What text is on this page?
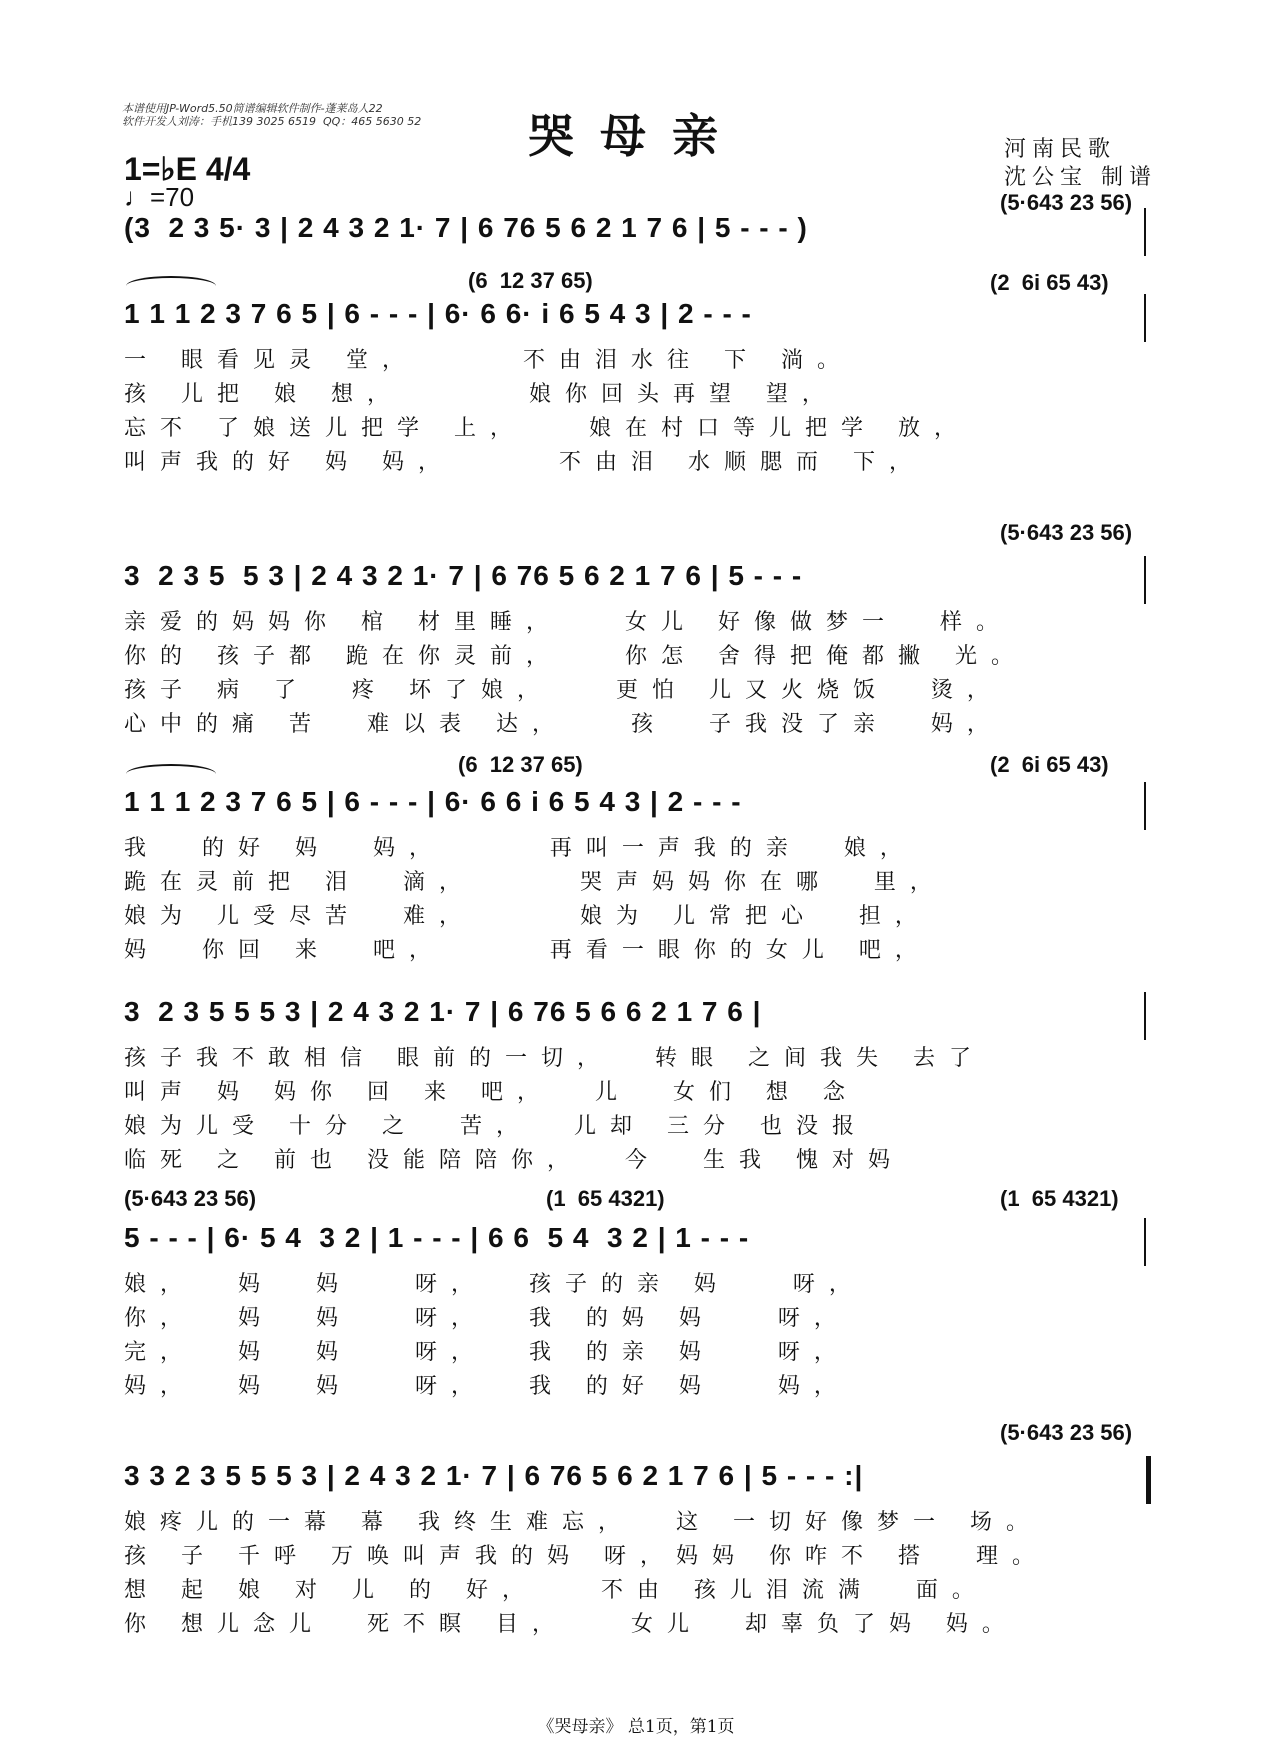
本谱使用JP-Word5.50简谱编辑软件制作-蓬莱岛人22
软件开发人刘涛：手机139 3025 6519  QQ：465 5630 52	哭母亲
1=♭E 4/4
♩=70
河南民歌
沈公宝 制谱
(5·643 23 56)
(3  2 3 5· 3 | 2 4 3 2 1· 7 | 6 76 5 6 2 1 7 6 | 5 - - - )
(6  12 37 65)	(2  6i 65 43)
1 1 1 2 3 7 6 5 | 6 - - - | 6· 6 6· i 6 5 4 3 | 2 - - -
一 眼看见灵 堂，     不由泪水往 下 淌。
孩 儿把 娘 想，      娘你回头再望 望，
忘不 了娘送儿把学 上，   娘在村口等儿把学 放，
叫声我的好 妈 妈，     不由泪 水顺腮而 下，
(5·643 23 56)
3  2 3 5  5 3 | 2 4 3 2 1· 7 | 6 76 5 6 2 1 7 6 | 5 - - -
亲爱的妈妈你 棺 材里睡，   女儿 好像做梦一  样。
你的 孩子都 跪在你灵前，   你怎 舍得把俺都撇 光。
孩子 病 了  疼 坏了娘，   更怕 儿又火烧饭  烫，
心中的痛 苦  难以表 达，   孩  子我没了亲  妈，
(6  12 37 65)	(2  6i 65 43)
1 1 1 2 3 7 6 5 | 6 - - - | 6· 6 6 i 6 5 4 3 | 2 - - -
我  的好 妈  妈，     再叫一声我的亲  娘，
跪在灵前把 泪  滴，     哭声妈妈你在哪  里，
娘为 儿受尽苦  难，     娘为 儿常把心  担，
妈  你回 来  吧，     再看一眼你的女儿 吧，
3  2 3 5 5 5 3 | 2 4 3 2 1· 7 | 6 76 5 6 6 2 1 7 6 |
孩子我不敢相信 眼前的一切，  转眼 之间我失 去了
叫声 妈 妈你 回 来 吧，  儿  女们 想 念
娘为儿受 十分 之  苦，  儿却 三分 也没报
临死 之 前也 没能陪陪你，  今  生我 愧对妈
(5·643 23 56)	(1  65 4321)	(1  65 4321)
5 - - - | 6· 5 4  3 2 | 1 - - - | 6 6  5 4  3 2 | 1 - - -
娘，  妈  妈   呀，  孩子的亲 妈   呀，
你，  妈  妈   呀，  我 的妈 妈   呀，
完，  妈  妈   呀，  我 的亲 妈   呀，
妈，  妈  妈   呀，  我 的好 妈   妈，
(5·643 23 56)
3 3 2 3 5 5 5 3 | 2 4 3 2 1· 7 | 6 76 5 6 2 1 7 6 | 5 - - - :|
娘疼儿的一幕 幕 我终生难忘，  这 一切好像梦一 场。
孩 子 千呼 万唤叫声我的妈 呀，妈妈 你咋不 搭  理。
想 起 娘 对 儿 的 好，   不由 孩儿泪流满  面。
你 想儿念儿  死不瞑 目，   女儿  却辜负了妈 妈。
《哭母亲》 总1页，第1页
